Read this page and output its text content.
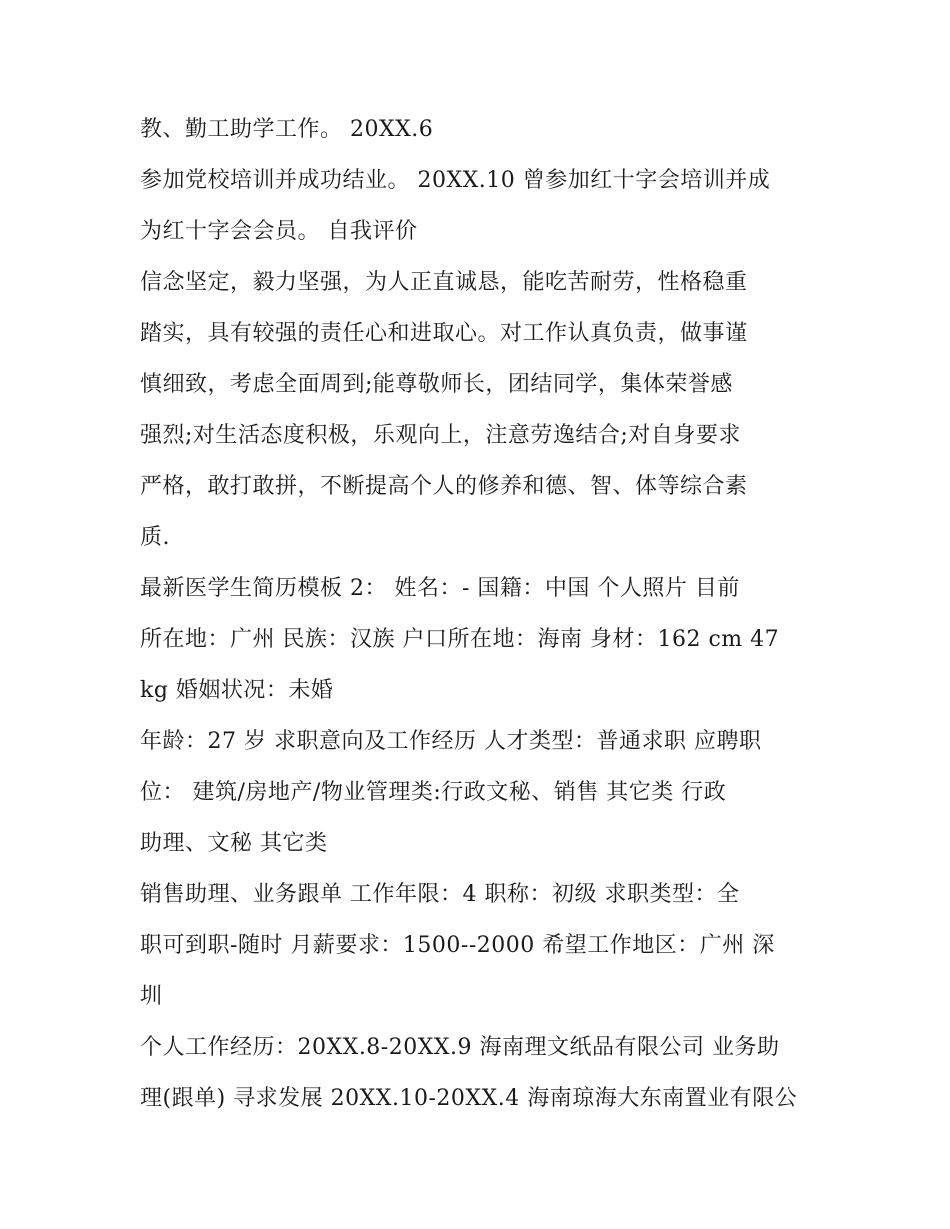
教、勤工助学工作。 20XX.6

参加党校培训并成功结业。 20XX.10 曾参加红十字会培训并成

为红十字会会员。 自我评价

信念坚定，毅力坚强，为人正直诚恳，能吃苦耐劳，性格稳重

踏实，具有较强的责任心和进取心。对工作认真负责，做事谨

慎细致，考虑全面周到;能尊敬师长，团结同学，集体荣誉感

强烈;对生活态度积极，乐观向上，注意劳逸结合;对自身要求

严格，敢打敢拼，不断提高个人的修养和德、智、体等综合素

质.

最新医学生简历模板 2： 姓名：- 国籍：中国 个人照片 目前

所在地：广州 民族：汉族 户口所在地：海南 身材：162 cm 47

kg 婚姻状况：未婚

年龄：27 岁 求职意向及工作经历 人才类型：普通求职 应聘职

位： 建筑/房地产/物业管理类:行政文秘、销售 其它类 行政

助理、文秘 其它类

销售助理、业务跟单 工作年限：4 职称：初级 求职类型：全

职可到职-随时 月薪要求：1500--2000 希望工作地区：广州 深

圳

个人工作经历：20XX.8-20XX.9 海南理文纸品有限公司 业务助

理(跟单) 寻求发展 20XX.10-20XX.4 海南琼海大东南置业有限公
